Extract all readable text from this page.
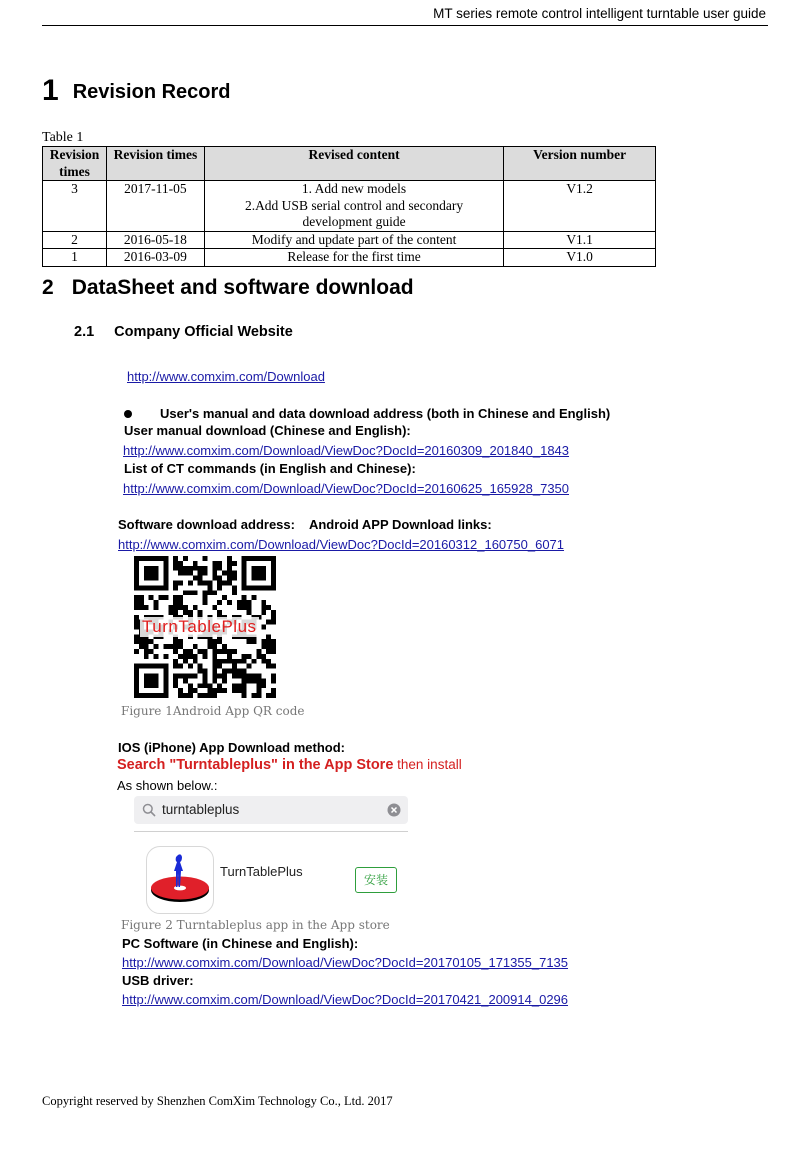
MT series remote control intelligent turntable user guide
1 Revision Record
Table 1
Revision times	Revision times	Revised content	Version number
3	2017-11-05	1. Add new models
2.Add USB serial control and secondary
development guide	V1.2
2	2016-05-18	Modify and update part of the content	V1.1
1	2016-03-09	Release for the first time	V1.0
2 DataSheet and software download
2.1 Company Official Website
http://www.comxim.com/Download
User's manual and data download address (both in Chinese and English)
User manual download (Chinese and English):
http://www.comxim.com/Download/ViewDoc?DocId=20160309_201840_1843
List of CT commands (in English and Chinese):
http://www.comxim.com/Download/ViewDoc?DocId=20160625_165928_7350
Software download address:    Android APP Download links:
http://www.comxim.com/Download/ViewDoc?DocId=20160312_160750_6071
TurnTablePlus
Figure 1Android App QR code
IOS (iPhone) App Download method:
Search "Turntableplus" in the App Store then install
As shown below.:
turntableplus
TurnTablePlus
安装
Figure 2 Turntableplus app in the App store
PC Software (in Chinese and English):
http://www.comxim.com/Download/ViewDoc?DocId=20170105_171355_7135
USB driver:
http://www.comxim.com/Download/ViewDoc?DocId=20170421_200914_0296
Copyright reserved by Shenzhen ComXim Technology Co., Ltd. 2017
